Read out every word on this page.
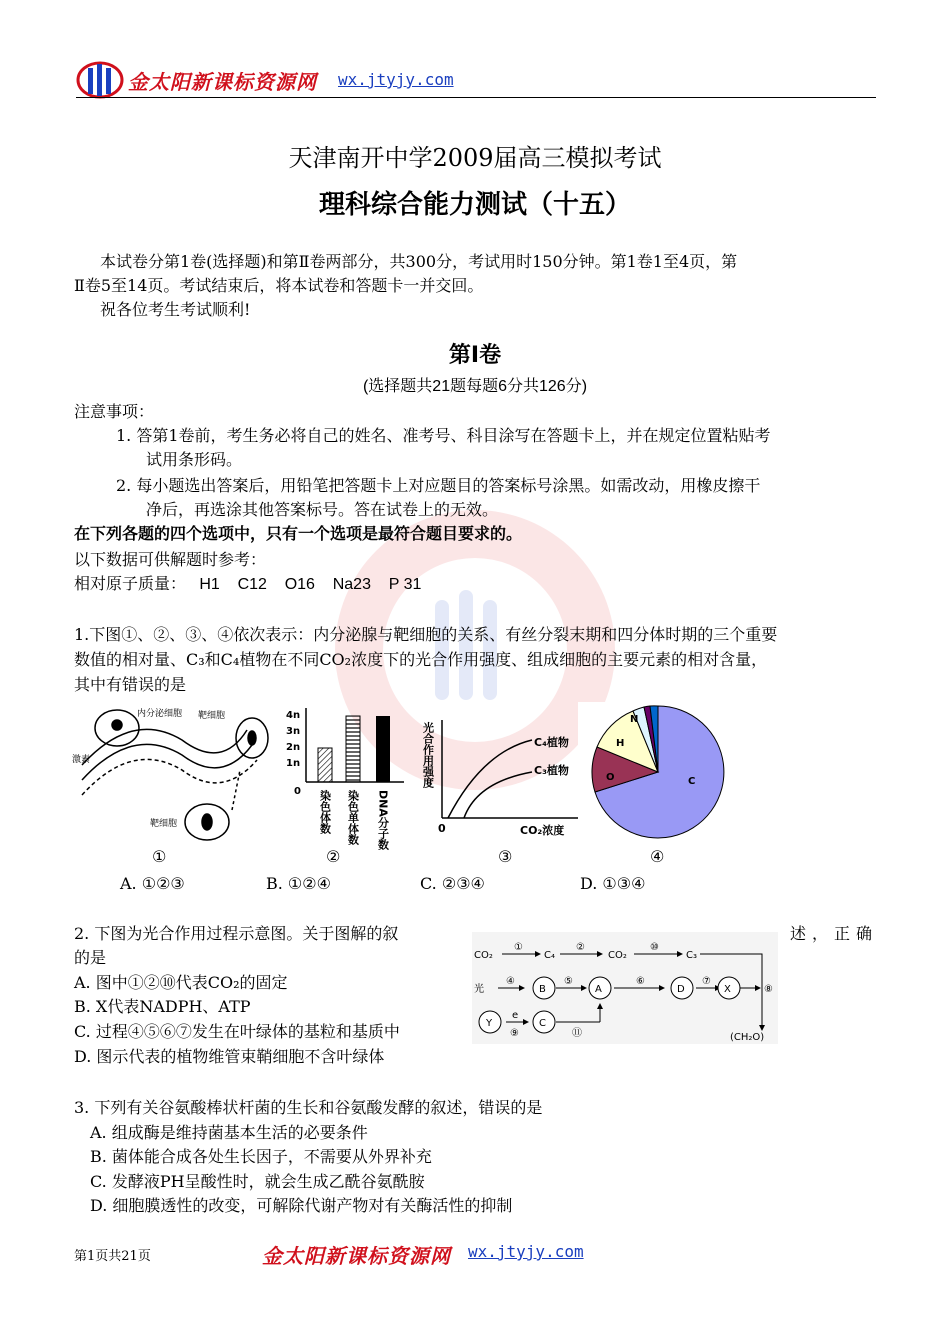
金太阳新课标资源网 wx.jtyjy.com
天津南开中学2009届高三模拟考试
理科综合能力测试（十五）
本试卷分第1卷(选择题)和第Ⅱ卷两部分，共300分，考试用时150分钟。第1卷1至4页，第
Ⅱ卷5至14页。考试结束后，将本试卷和答题卡一并交回。
祝各位考生考试顺利!
第Ⅰ卷
(选择题共21题每题6分共126分)
注意事项：
1. 答第1卷前，考生务必将自己的姓名、准考号、科目涂写在答题卡上，并在规定位置粘贴考
试用条形码。
2. 每小题选出答案后，用铅笔把答题卡上对应题目的答案标号涂黑。如需改动，用橡皮擦干
净后，再选涂其他答案标号。答在试卷上的无效。
在下列各题的四个选项中，只有一个选项是最符合题目要求的。
以下数据可供解题时参考：
相对原子质量：   H1    C12    O16    Na23    P 31
1.下图①、②、③、④依次表示：内分泌腺与靶细胞的关系、有丝分裂末期和四分体时期的三个重要
数值的相对量、C₃和C₄植物在不同CO₂浓度下的光合作用强度、组成细胞的主要元素的相对含量，
其中有错误的是
内分泌细胞 靶细胞
激素
靶细胞
①
4n
3n
2n
1n
0 染色体数 染色单体数 DNA分子数
②
光合作用强度
CO₂浓度
0
C₄植物
C₃植物
③
N
H
O	C
④
A. ①②③	B. ①②④	C. ②③④	D. ①③④
2. 下图为光合作用过程示意图。关于图解的叙	述，正确
的是
A. 图中①②⑩代表CO₂的固定
B. X代表NADPH、ATP
C. 过程④⑤⑥⑦发生在叶绿体的基粒和基质中
D. 图示代表的植物维管束鞘细胞不含叶绿体
CO₂	C₄	CO₂	C₃
①	②	⑩
光
④
B
⑤
A
⑥
D
⑦
X	⑧
Y
e
⑨
C
⑪	(CH₂O)
3. 下列有关谷氨酸棒状杆菌的生长和谷氨酸发酵的叙述，错误的是
A. 组成酶是维持菌基本生活的必要条件
B. 菌体能合成各处生长因子，不需要从外界补充
C. 发酵液PH呈酸性时，就会生成乙酰谷氨酰胺
D. 细胞膜透性的改变，可解除代谢产物对有关酶活性的抑制
第1页共21页	金太阳新课标资源网 wx.jtyjy.com
